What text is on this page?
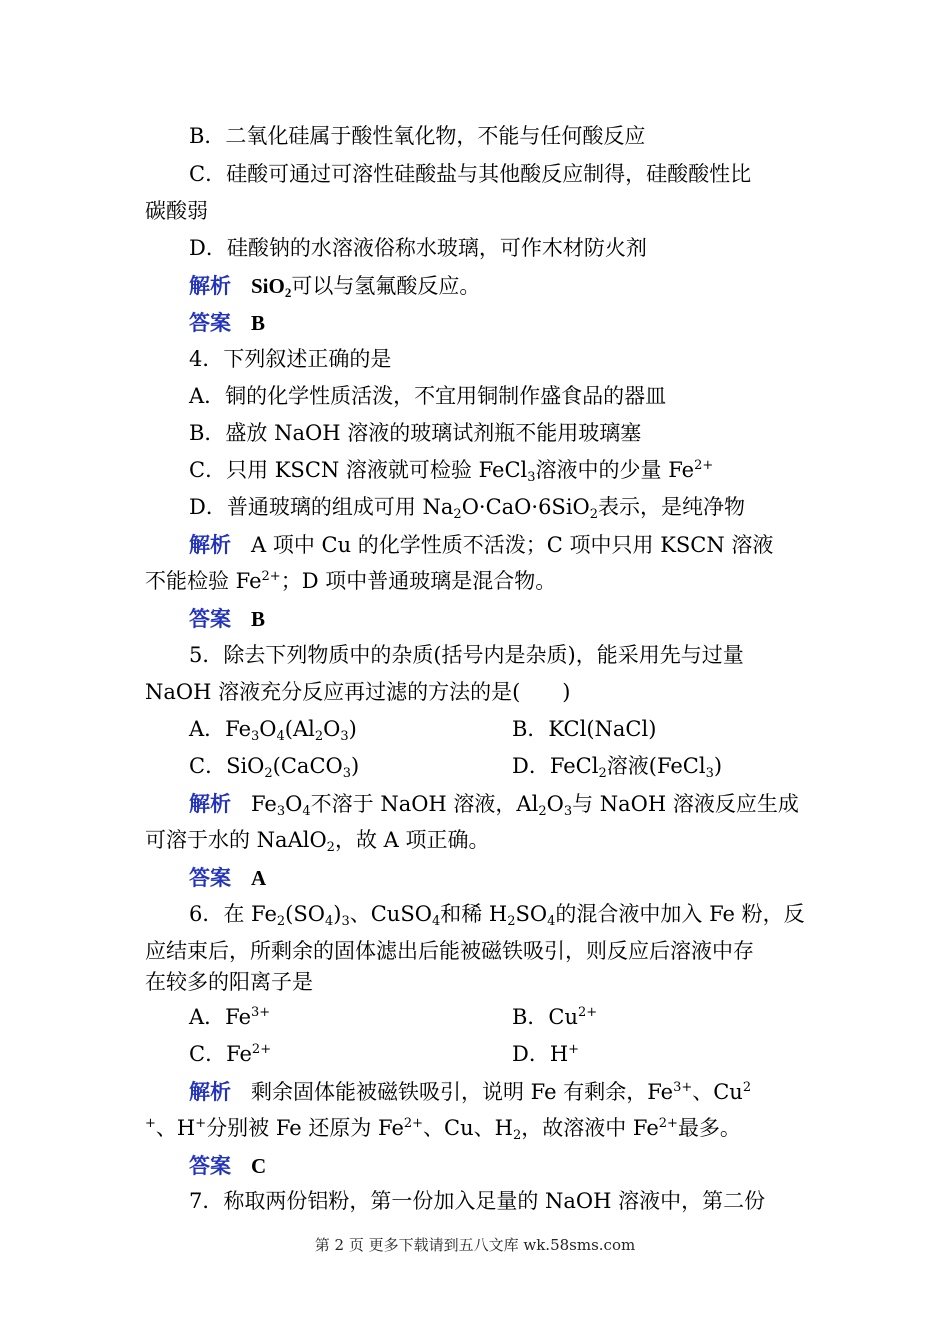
B．二氧化硅属于酸性氧化物，不能与任何酸反应
C．硅酸可通过可溶性硅酸盐与其他酸反应制得，硅酸酸性比
碳酸弱
D．硅酸钠的水溶液俗称水玻璃，可作木材防火剂
解析 SiO$_2$可以与氢氟酸反应。
答案 B
4．下列叙述正确的是
A．铜的化学性质活泼，不宜用铜制作盛食品的器皿
B．盛放 NaOH 溶液的玻璃试剂瓶不能用玻璃塞
C．只用 KSCN 溶液就可检验 FeCl$_3$溶液中的少量 $Fe^{2+}$
D．普通玻璃的组成可用 $Na_2O\cdot CaO\cdot 6SiO_2$表示，是纯净物
解析 A 项中 Cu 的化学性质不活泼；C 项中只用 KSCN 溶液
不能检验 $Fe^{2+}$；D 项中普通玻璃是混合物。
答案 B
5．除去下列物质中的杂质(括号内是杂质)，能采用先与过量
NaOH 溶液充分反应再过滤的方法的是(　　)
A．$Fe_3O_4(Al_2O_3)$	B．KCl(NaCl)
C．SiO$_2$(CaCO$_3$)	D．FeCl$_2$溶液(FeCl$_3$)
解析 $Fe_3O_4$不溶于 NaOH 溶液，$Al_2O_3$与 NaOH 溶液反应生成
可溶于水的 NaAlO$_2$，故 A 项正确。
答案 A
6．在 $Fe_2(SO_4)_3$、CuSO$_4$和稀 $H_2SO_4$的混合液中加入 Fe 粉，反
应结束后，所剩余的固体滤出后能被磁铁吸引，则反应后溶液中存
在较多的阳离子是
A．$Fe^{3+}$	B．$Cu^{2+}$
C．$Fe^{2+}$	D．H+
解析 剩余固体能被磁铁吸引，说明 Fe 有剩余，$Fe^{3+}$、Cu$^2$
+、H+分别被 Fe 还原为 $Fe^{2+}$、Cu、$H_2$，故溶液中 $Fe^{2+}$最多。
答案 C
7．称取两份铝粉，第一份加入足量的 NaOH 溶液中，第二份
第 2 页 更多下载请到五八文库 wk.58sms.com
